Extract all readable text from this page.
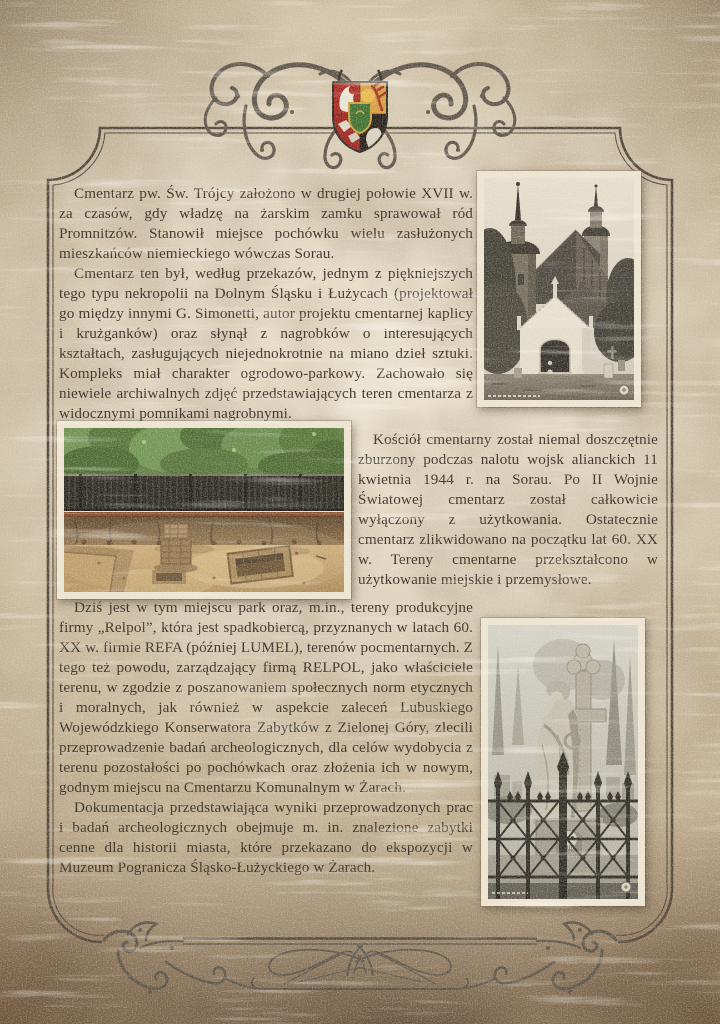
Cmentarz pw. Św. Trójcy założono w drugiej połowie XVII w. za czasów, gdy władzę na żarskim zamku sprawował ród Promnitzów. Stanowił miejsce pochówku wielu zasłużonych mieszkańców niemieckiego wówczas Sorau.

Cmentarz ten był, według przekazów, jednym z piękniejszych tego typu nekropolii na Dolnym Śląsku i Łużycach (projektował go między innymi G. Simonetti, autor projektu cmentarnej kaplicy i krużganków) oraz słynął z nagrobków o interesujących kształtach, zasługujących niejednokrotnie na miano dzieł sztuki. Kompleks miał charakter ogrodowo-parkowy. Zachowało się niewiele archiwalnych zdjęć przedstawiających teren cmentarza z widocznymi pomnikami nagrobnymi.

Kościół cmentarny został niemal doszczętnie zburzony podczas nalotu wojsk alianckich 11 kwietnia 1944 r. na Sorau. Po II Wojnie Światowej cmentarz został całkowicie wyłączony z użytkowania. Ostatecznie cmentarz zlikwidowano na początku lat 60. XX w. Tereny cmentarne przekształcono w użytkowanie miejskie i przemysłowe.

Dziś jest w tym miejscu park oraz, m.in., tereny produkcyjne firmy „Relpol”, która jest spadkobiercą, przyznanych w latach 60. XX w. firmie REFA (później LUMEL), terenów pocmentarnych. Z tego też powodu, zarządzający firmą RELPOL, jako właściciele terenu, w zgodzie z poszanowaniem społecznych norm etycznych i moralnych, jak również w aspekcie zaleceń Lubuskiego Wojewódzkiego Konserwatora Zabytków z Zielonej Góry, zlecili przeprowadzenie badań archeologicznych, dla celów wydobycia z terenu pozostałości po pochówkach oraz złożenia ich w nowym, godnym miejscu na Cmentarzu Komunalnym w Żarach.

Dokumentacja przedstawiająca wyniki przeprowadzonych prac i badań archeologicznych obejmuje m. in. znalezione zabytki cenne dla historii miasta, które przekazano do ekspozycji w Muzeum Pogranicza Śląsko-Łużyckiego w Żarach.
